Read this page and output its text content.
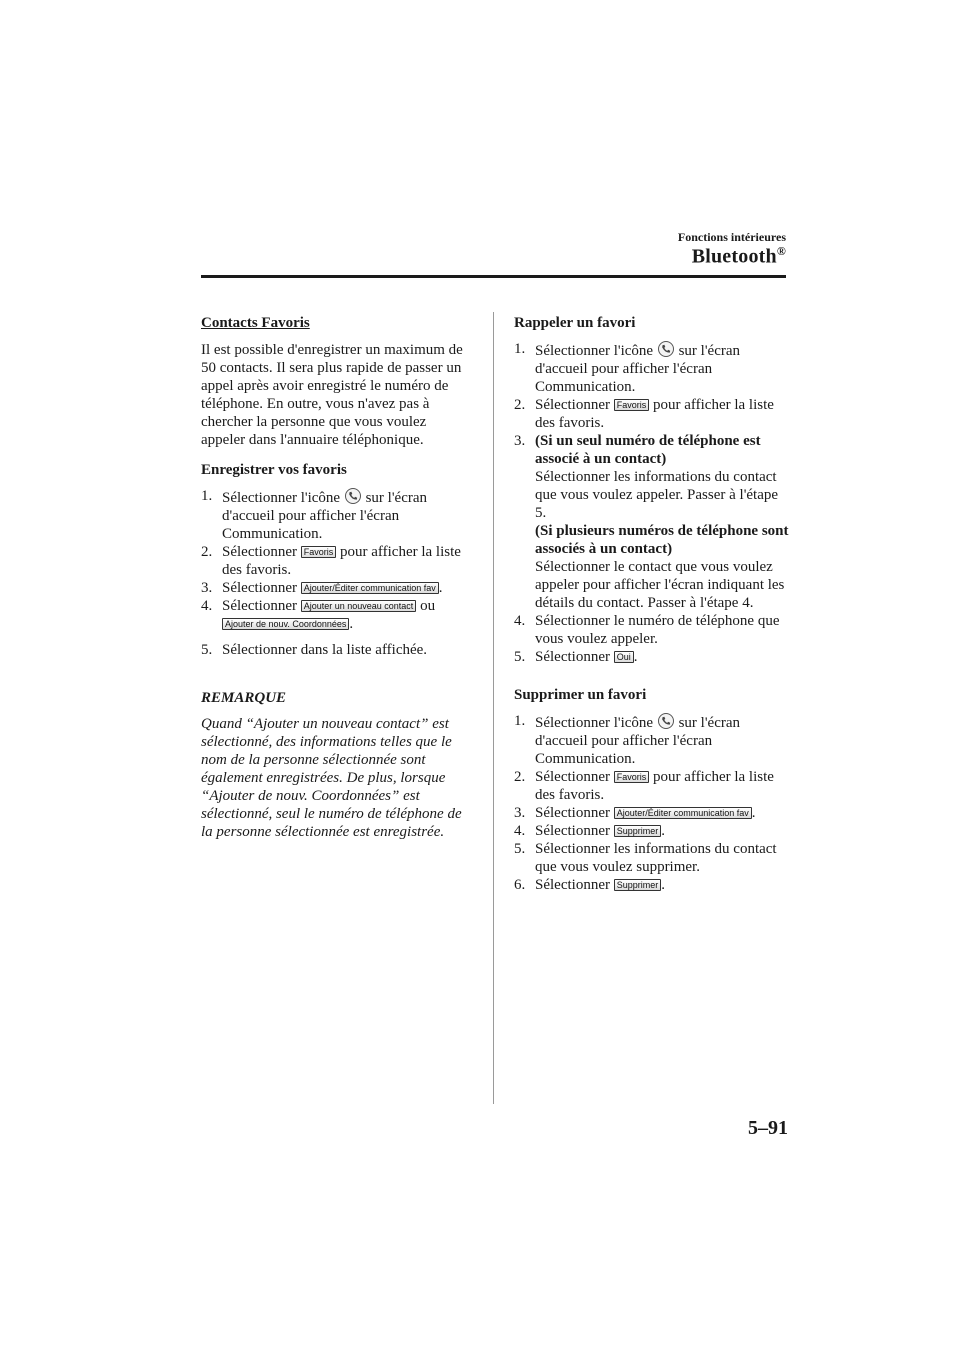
Fonctions intérieures
Bluetooth®

Contacts Favoris

Il est possible d'enregistrer un maximum de 50 contacts. Il sera plus rapide de passer un appel après avoir enregistré le numéro de téléphone. En outre, vous n'avez pas à chercher la personne que vous voulez appeler dans l'annuaire téléphonique.

Enregistrer vos favoris

1. Sélectionner l'icône sur l'écran d'accueil pour afficher l'écran Communication.
2. Sélectionner Favoris pour afficher la liste des favoris.
3. Sélectionner Ajouter/Éditer communication fav .
4. Sélectionner Ajouter un nouveau contact ou Ajouter de nouv. Coordonnées .
5. Sélectionner dans la liste affichée.

REMARQUE

Quand “Ajouter un nouveau contact” est sélectionné, des informations telles que le nom de la personne sélectionnée sont également enregistrées. De plus, lorsque “Ajouter de nouv. Coordonnées” est sélectionné, seul le numéro de téléphone de la personne sélectionnée est enregistrée.

Rappeler un favori

1. Sélectionner l'icône sur l'écran d'accueil pour afficher l'écran Communication.
2. Sélectionner Favoris pour afficher la liste des favoris.
3. (Si un seul numéro de téléphone est associé à un contact)
Sélectionner les informations du contact que vous voulez appeler. Passer à l'étape 5.
(Si plusieurs numéros de téléphone sont associés à un contact)
Sélectionner le contact que vous voulez appeler pour afficher l'écran indiquant les détails du contact. Passer à l'étape 4.
4. Sélectionner le numéro de téléphone que vous voulez appeler.
5. Sélectionner Oui .

Supprimer un favori

1. Sélectionner l'icône sur l'écran d'accueil pour afficher l'écran Communication.
2. Sélectionner Favoris pour afficher la liste des favoris.
3. Sélectionner Ajouter/Éditer communication fav .
4. Sélectionner Supprimer .
5. Sélectionner les informations du contact que vous voulez supprimer.
6. Sélectionner Supprimer .
5–91
